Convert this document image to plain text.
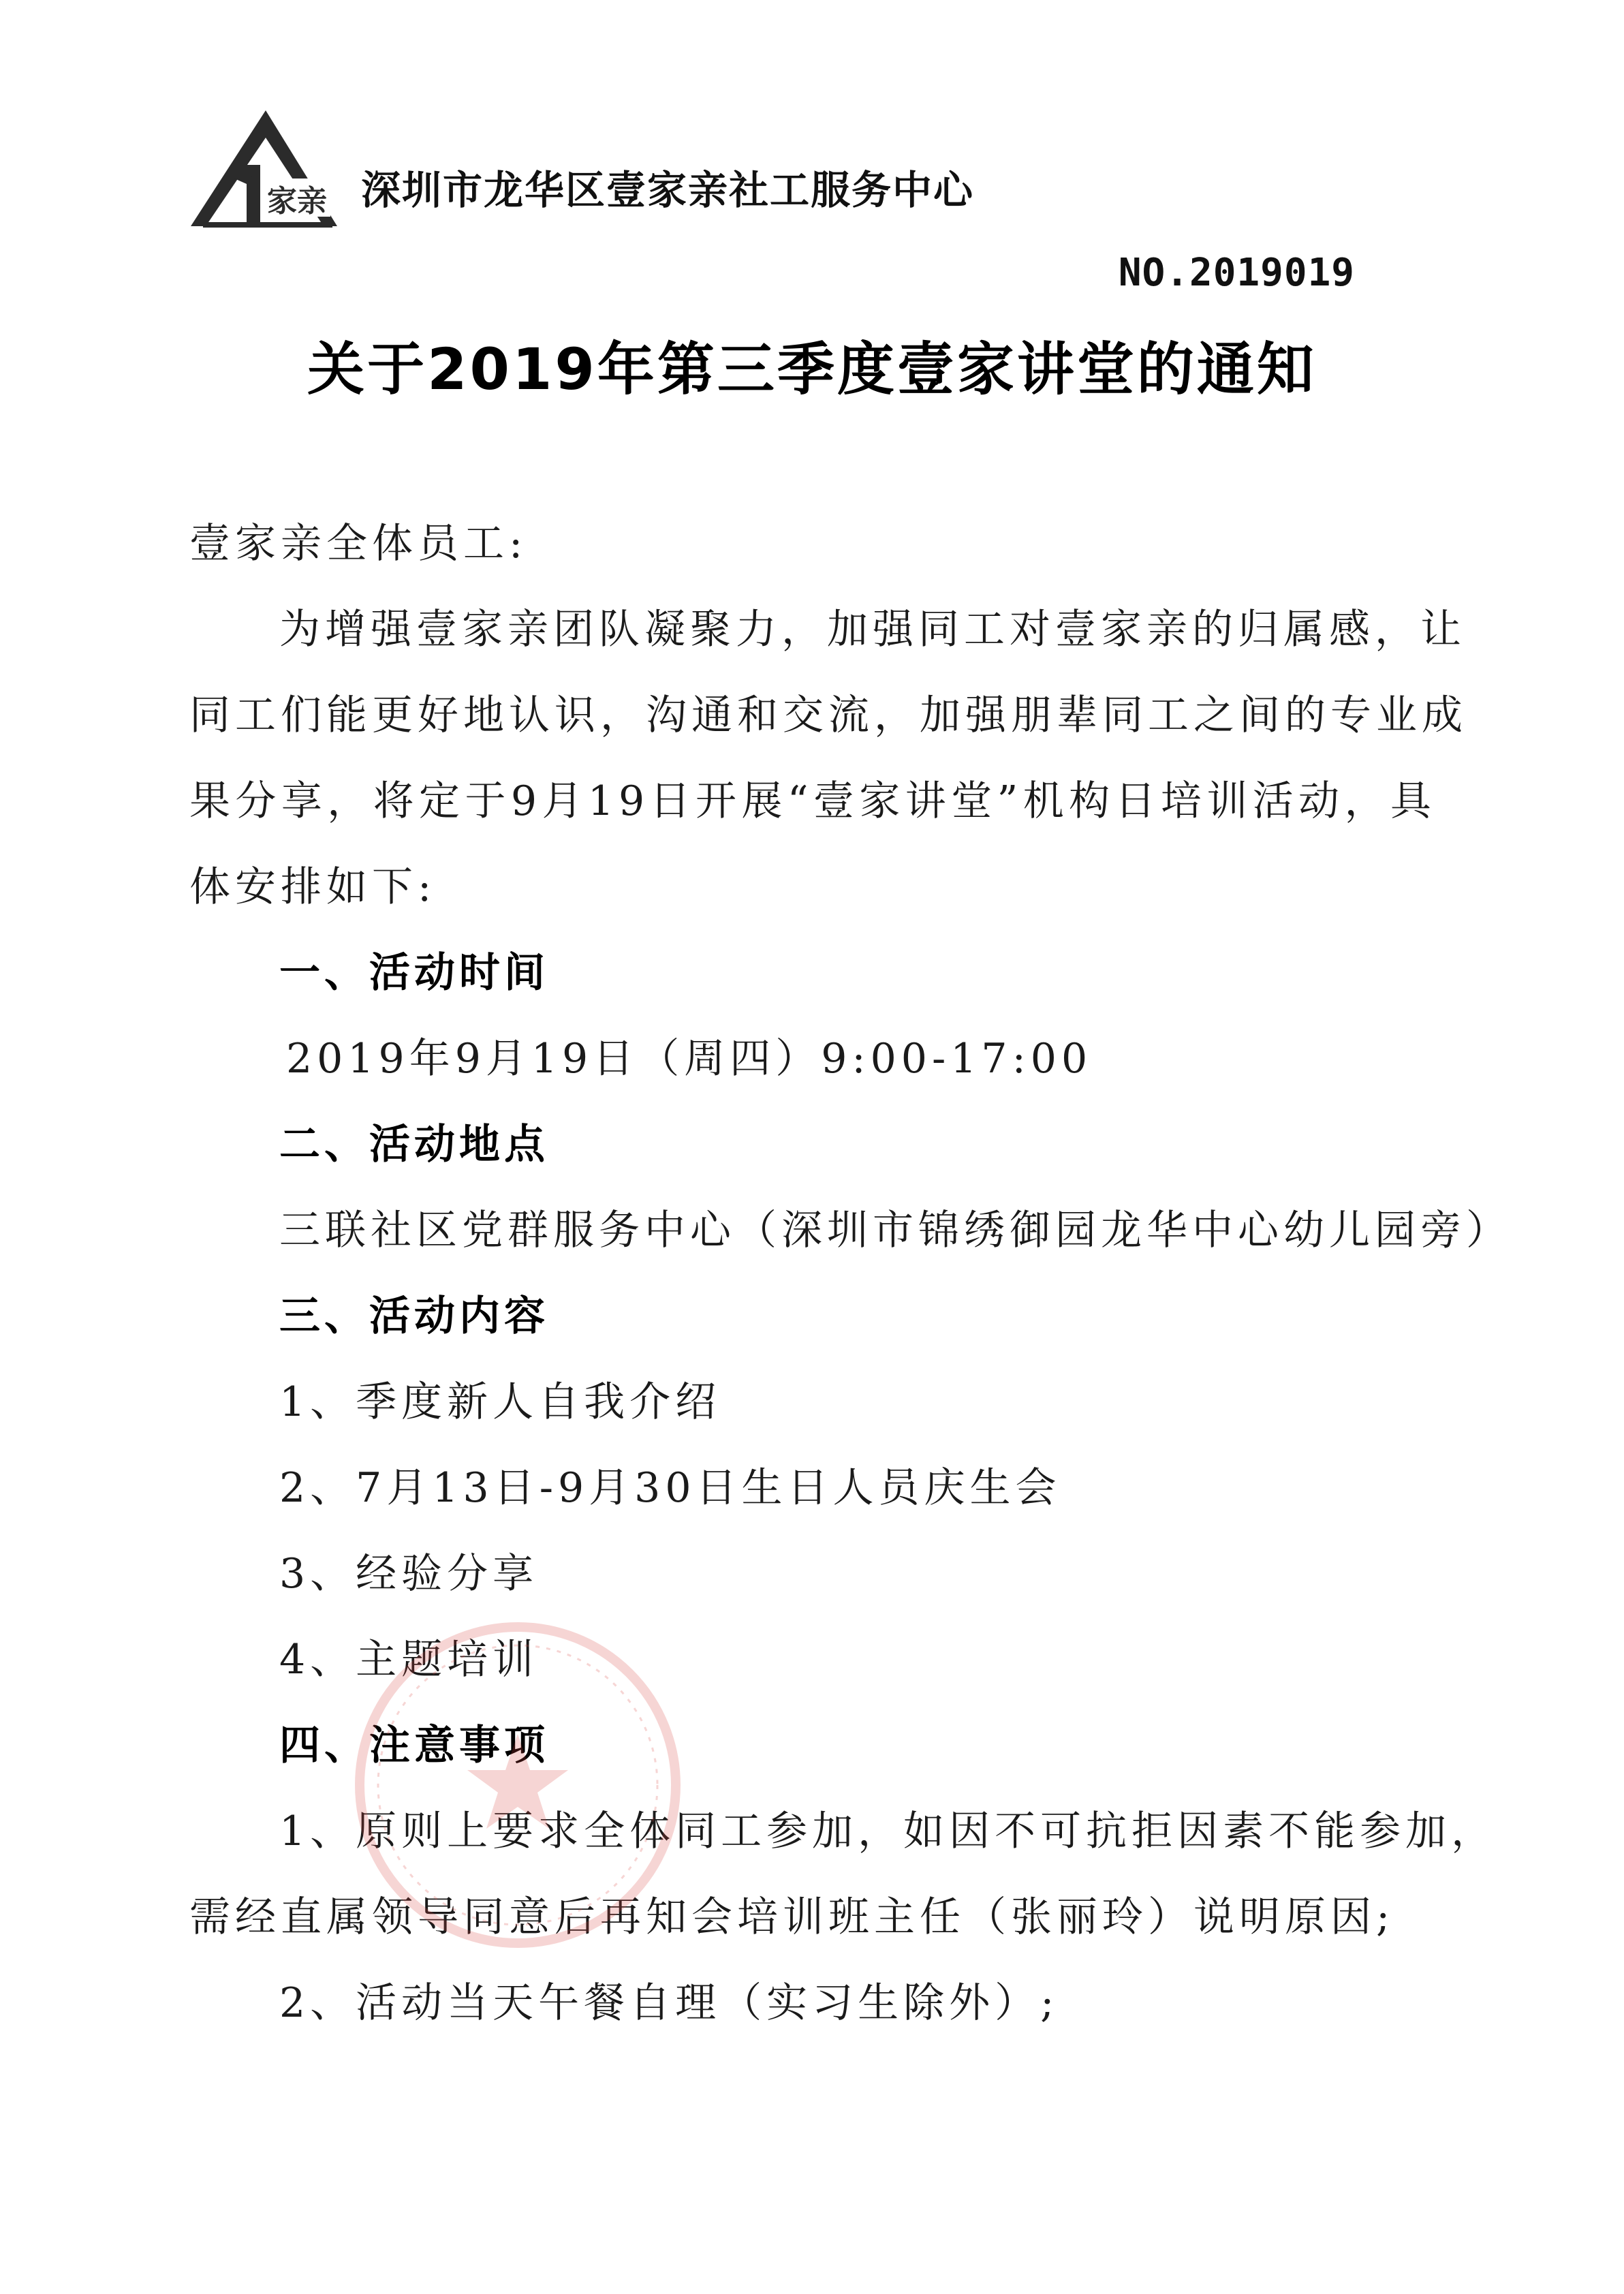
家亲 深圳市龙华区壹家亲社工服务中心
NO.2019019
关于2019年第三季度壹家讲堂的通知
壹家亲全体员工:
为增强壹家亲团队凝聚力，加强同工对壹家亲的归属感，让
同工们能更好地认识，沟通和交流，加强朋辈同工之间的专业成
果分享，将定于9月19日开展“壹家讲堂”机构日培训活动，具
体安排如下:
一、活动时间
2019年9月19日（周四）9:00-17:00
二、活动地点
三联社区党群服务中心（深圳市锦绣御园龙华中心幼儿园旁）
三、活动内容
1、季度新人自我介绍
2、7月13日-9月30日生日人员庆生会
3、经验分享
4、主题培训
四、注意事项
1、原则上要求全体同工参加，如因不可抗拒因素不能参加，
需经直属领导同意后再知会培训班主任（张丽玲）说明原因;
2、活动当天午餐自理（实习生除外）;
